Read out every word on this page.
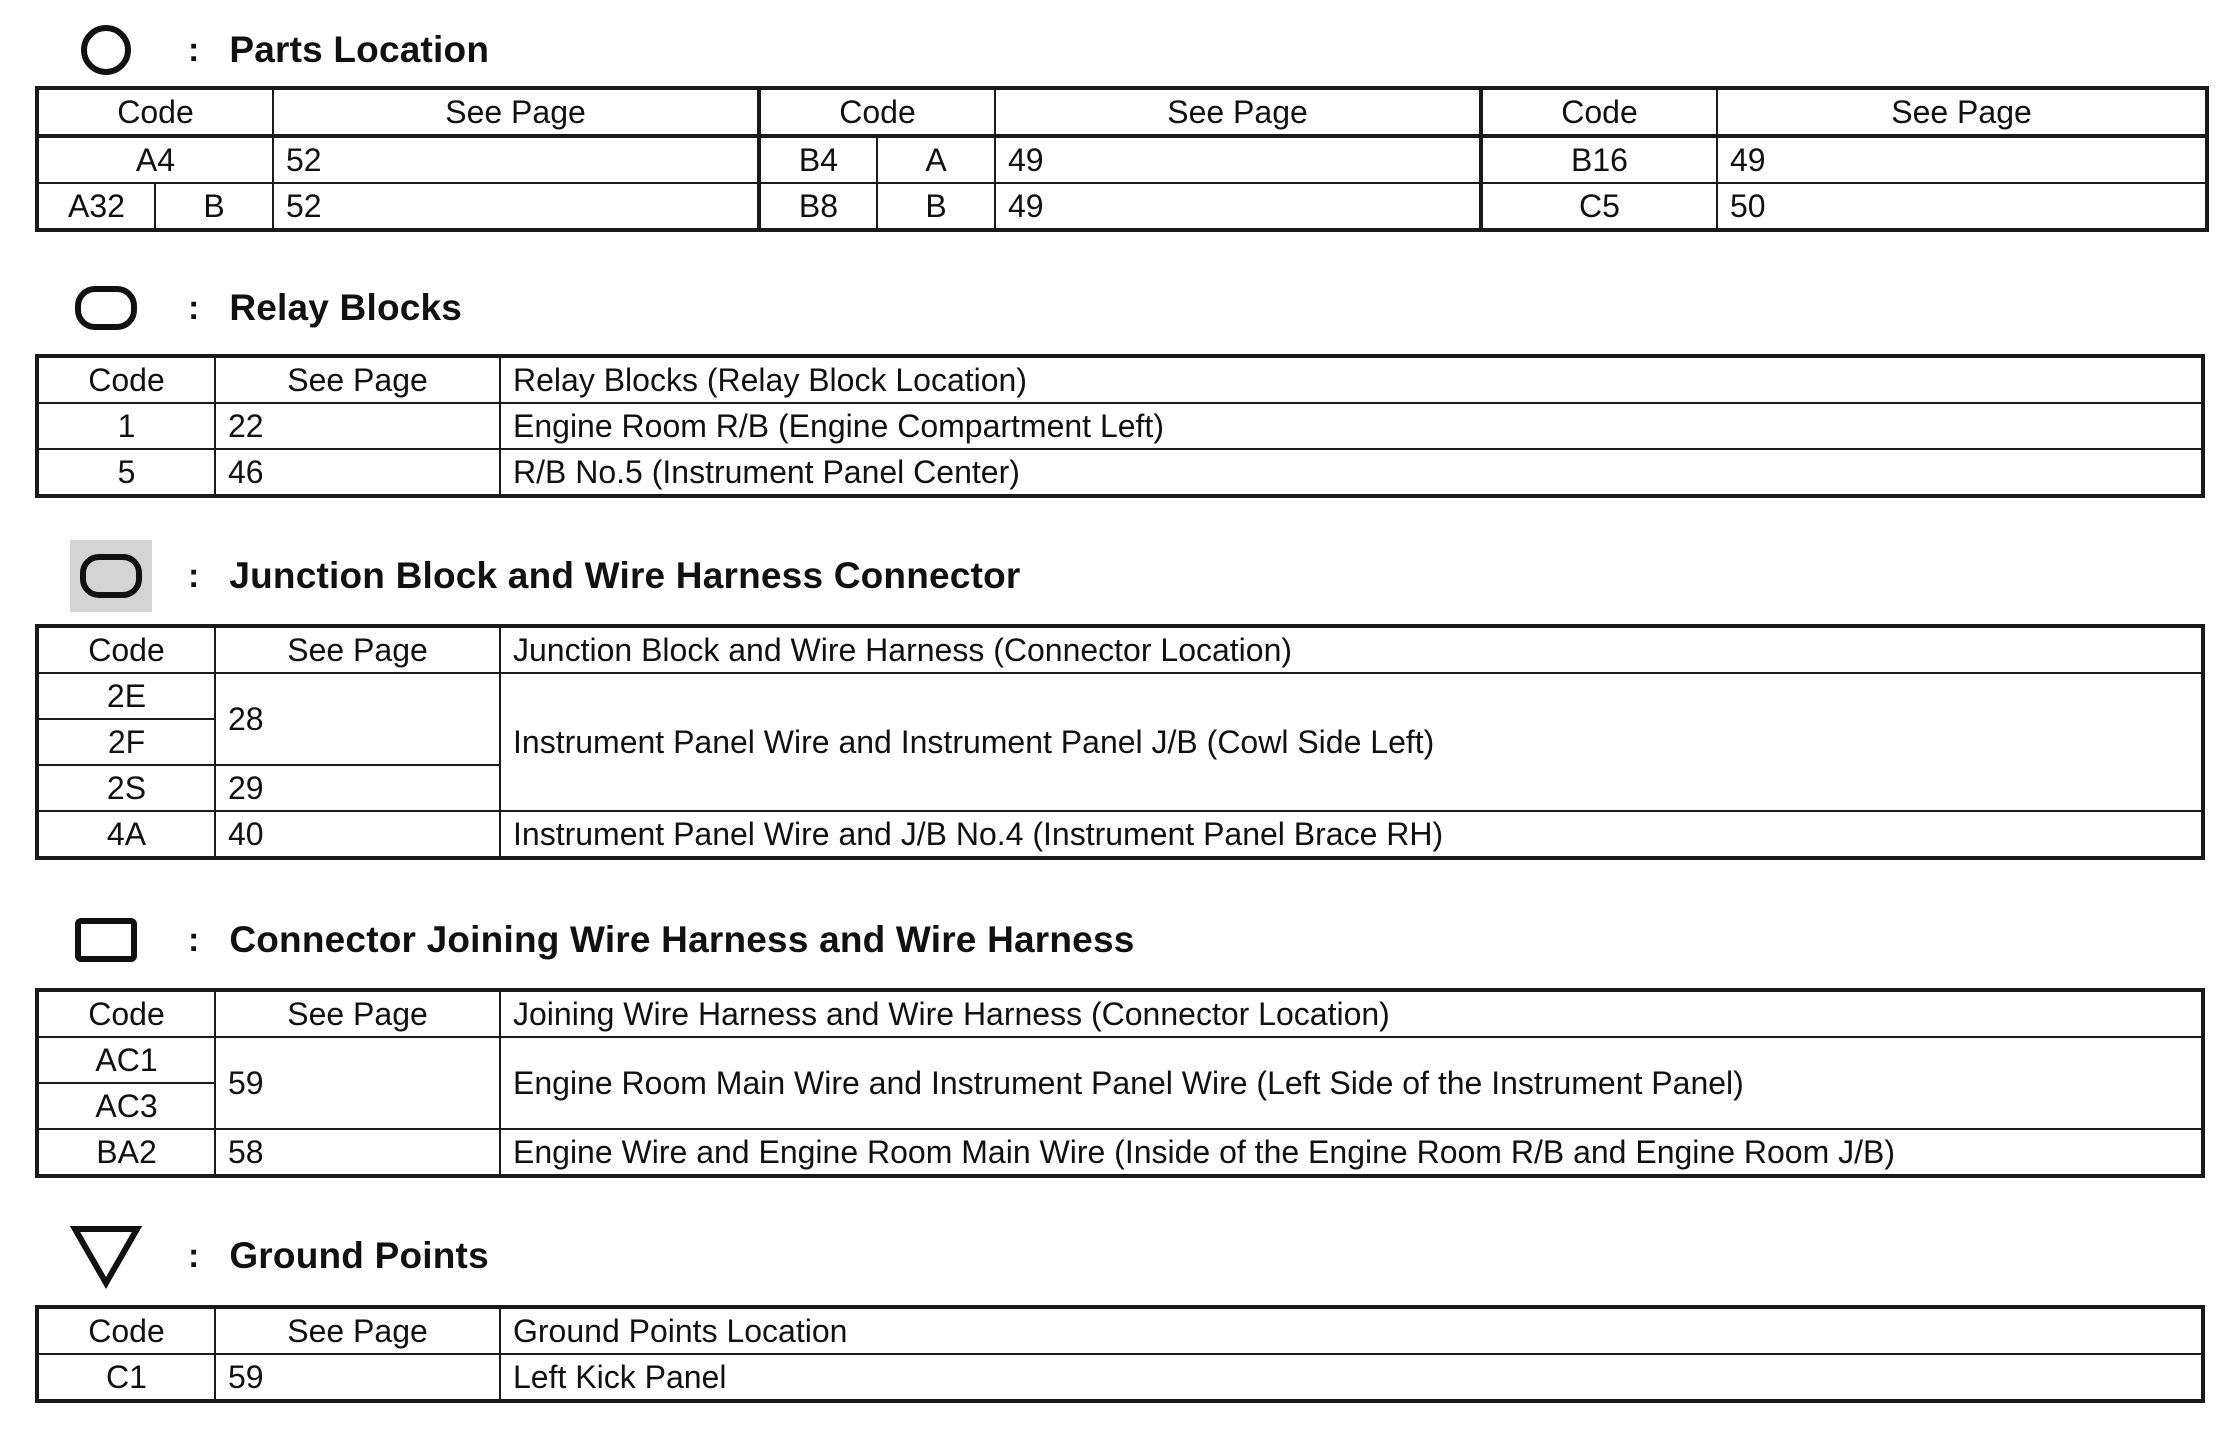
: Parts Location
Code		See Page	Code		See Page	Code	See Page
A4		52	B4	A	49	B16	49
A32	B	52	B8	B	49	C5	50
: Relay Blocks
Code	See Page	Relay Blocks (Relay Block Location)
1	22	Engine Room R/B (Engine Compartment Left)
5	46	R/B No.5 (Instrument Panel Center)
: Junction Block and Wire Harness Connector
Code	See Page	Junction Block and Wire Harness (Connector Location)
2E	28	Instrument Panel Wire and Instrument Panel J/B (Cowl Side Left)
2F		
2S	29	
4A	40	Instrument Panel Wire and J/B No.4 (Instrument Panel Brace RH)
: Connector Joining Wire Harness and Wire Harness
Code	See Page	Joining Wire Harness and Wire Harness (Connector Location)
AC1	59	Engine Room Main Wire and Instrument Panel Wire (Left Side of the Instrument Panel)
AC3		
BA2	58	Engine Wire and Engine Room Main Wire (Inside of the Engine Room R/B and Engine Room J/B)
: Ground Points
Code	See Page	Ground Points Location
C1	59	Left Kick Panel
